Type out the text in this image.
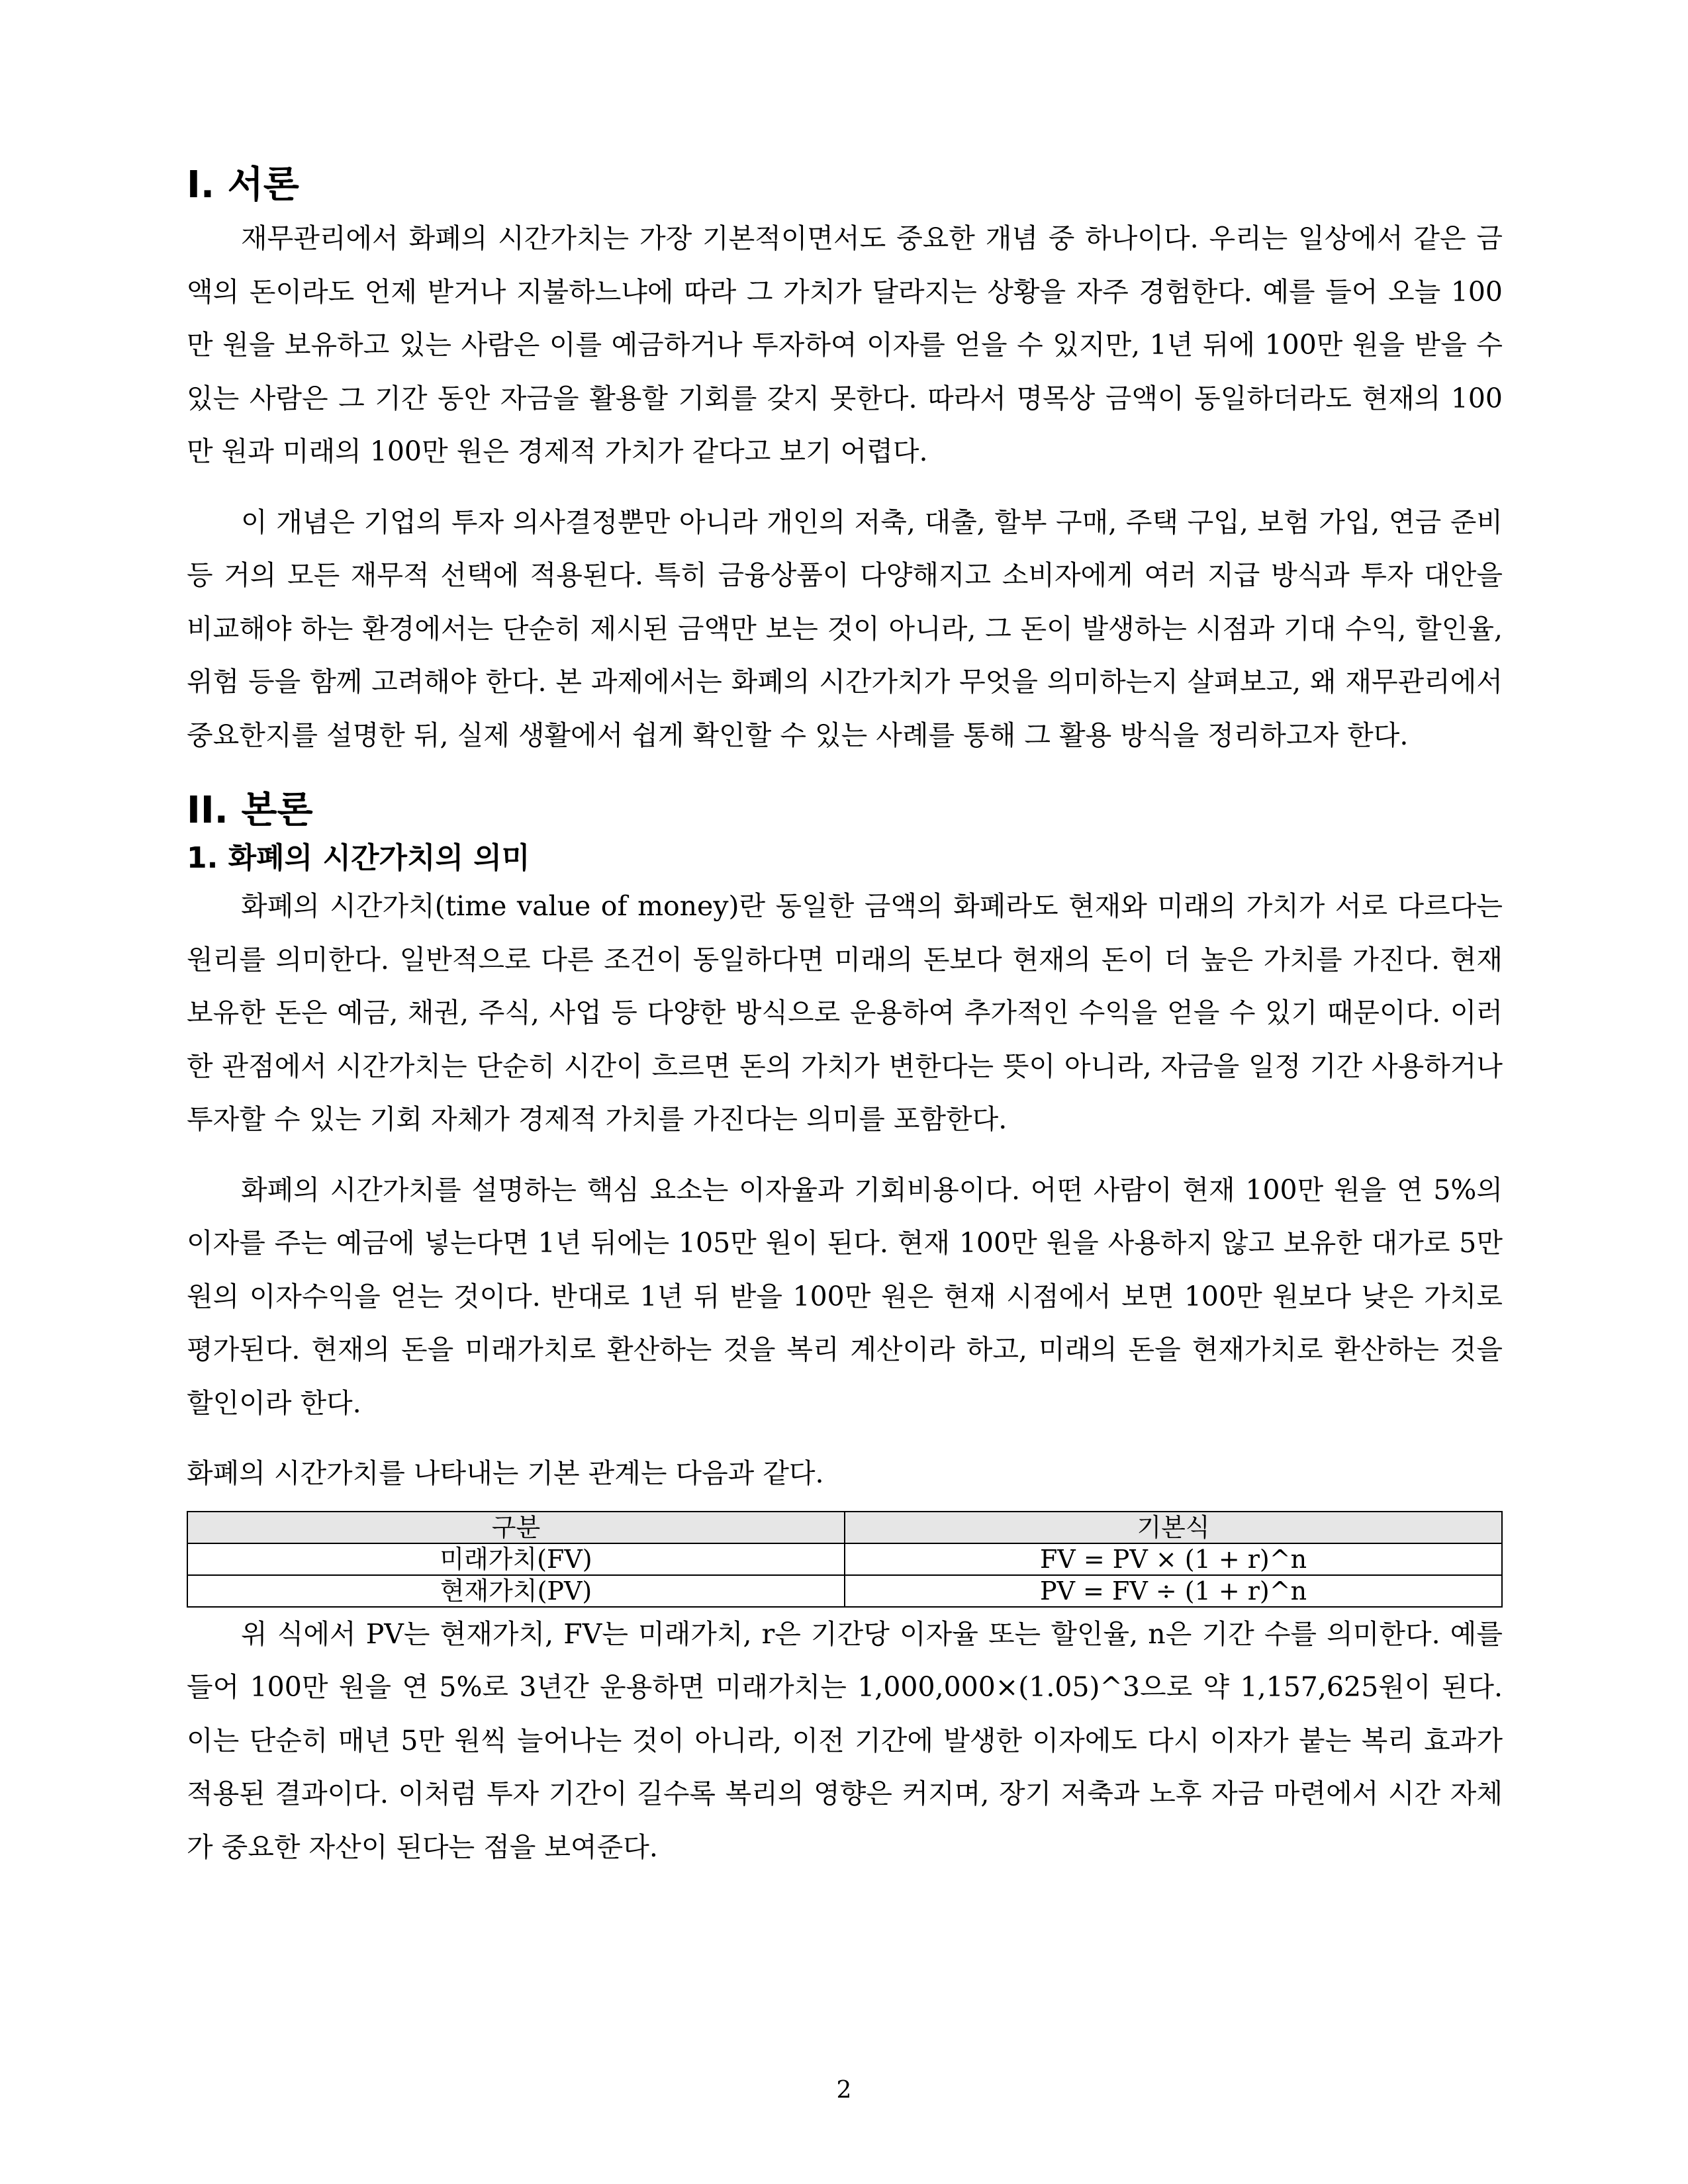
I. 서론

재무관리에서 화폐의 시간가치는 가장 기본적이면서도 중요한 개념 중 하나이다. 우리는 일상에서 같은 금액의 돈이라도 언제 받거나 지불하느냐에 따라 그 가치가 달라지는 상황을 자주 경험한다. 예를 들어 오늘 100만 원을 보유하고 있는 사람은 이를 예금하거나 투자하여 이자를 얻을 수 있지만, 1년 뒤에 100만 원을 받을 수 있는 사람은 그 기간 동안 자금을 활용할 기회를 갖지 못한다. 따라서 명목상 금액이 동일하더라도 현재의 100만 원과 미래의 100만 원은 경제적 가치가 같다고 보기 어렵다.

이 개념은 기업의 투자 의사결정뿐만 아니라 개인의 저축, 대출, 할부 구매, 주택 구입, 보험 가입, 연금 준비 등 거의 모든 재무적 선택에 적용된다. 특히 금융상품이 다양해지고 소비자에게 여러 지급 방식과 투자 대안을 비교해야 하는 환경에서는 단순히 제시된 금액만 보는 것이 아니라, 그 돈이 발생하는 시점과 기대 수익, 할인율, 위험 등을 함께 고려해야 한다. 본 과제에서는 화폐의 시간가치가 무엇을 의미하는지 살펴보고, 왜 재무관리에서 중요한지를 설명한 뒤, 실제 생활에서 쉽게 확인할 수 있는 사례를 통해 그 활용 방식을 정리하고자 한다.

II. 본론
1. 화폐의 시간가치의 의미

화폐의 시간가치(time value of money)란 동일한 금액의 화폐라도 현재와 미래의 가치가 서로 다르다는 원리를 의미한다. 일반적으로 다른 조건이 동일하다면 미래의 돈보다 현재의 돈이 더 높은 가치를 가진다. 현재 보유한 돈은 예금, 채권, 주식, 사업 등 다양한 방식으로 운용하여 추가적인 수익을 얻을 수 있기 때문이다. 이러한 관점에서 시간가치는 단순히 시간이 흐르면 돈의 가치가 변한다는 뜻이 아니라, 자금을 일정 기간 사용하거나 투자할 수 있는 기회 자체가 경제적 가치를 가진다는 의미를 포함한다.

화폐의 시간가치를 설명하는 핵심 요소는 이자율과 기회비용이다. 어떤 사람이 현재 100만 원을 연 5%의 이자를 주는 예금에 넣는다면 1년 뒤에는 105만 원이 된다. 현재 100만 원을 사용하지 않고 보유한 대가로 5만 원의 이자수익을 얻는 것이다. 반대로 1년 뒤 받을 100만 원은 현재 시점에서 보면 100만 원보다 낮은 가치로 평가된다. 현재의 돈을 미래가치로 환산하는 것을 복리 계산이라 하고, 미래의 돈을 현재가치로 환산하는 것을 할인이라 한다.

화폐의 시간가치를 나타내는 기본 관계는 다음과 같다.

구분	기본식
미래가치(FV)	FV = PV × (1 + r)^n
현재가치(PV)	PV = FV ÷ (1 + r)^n

위 식에서 PV는 현재가치, FV는 미래가치, r은 기간당 이자율 또는 할인율, n은 기간 수를 의미한다. 예를 들어 100만 원을 연 5%로 3년간 운용하면 미래가치는 1,000,000×(1.05)^3으로 약 1,157,625원이 된다. 이는 단순히 매년 5만 원씩 늘어나는 것이 아니라, 이전 기간에 발생한 이자에도 다시 이자가 붙는 복리 효과가 적용된 결과이다. 이처럼 투자 기간이 길수록 복리의 영향은 커지며, 장기 저축과 노후 자금 마련에서 시간 자체가 중요한 자산이 된다는 점을 보여준다.

2
